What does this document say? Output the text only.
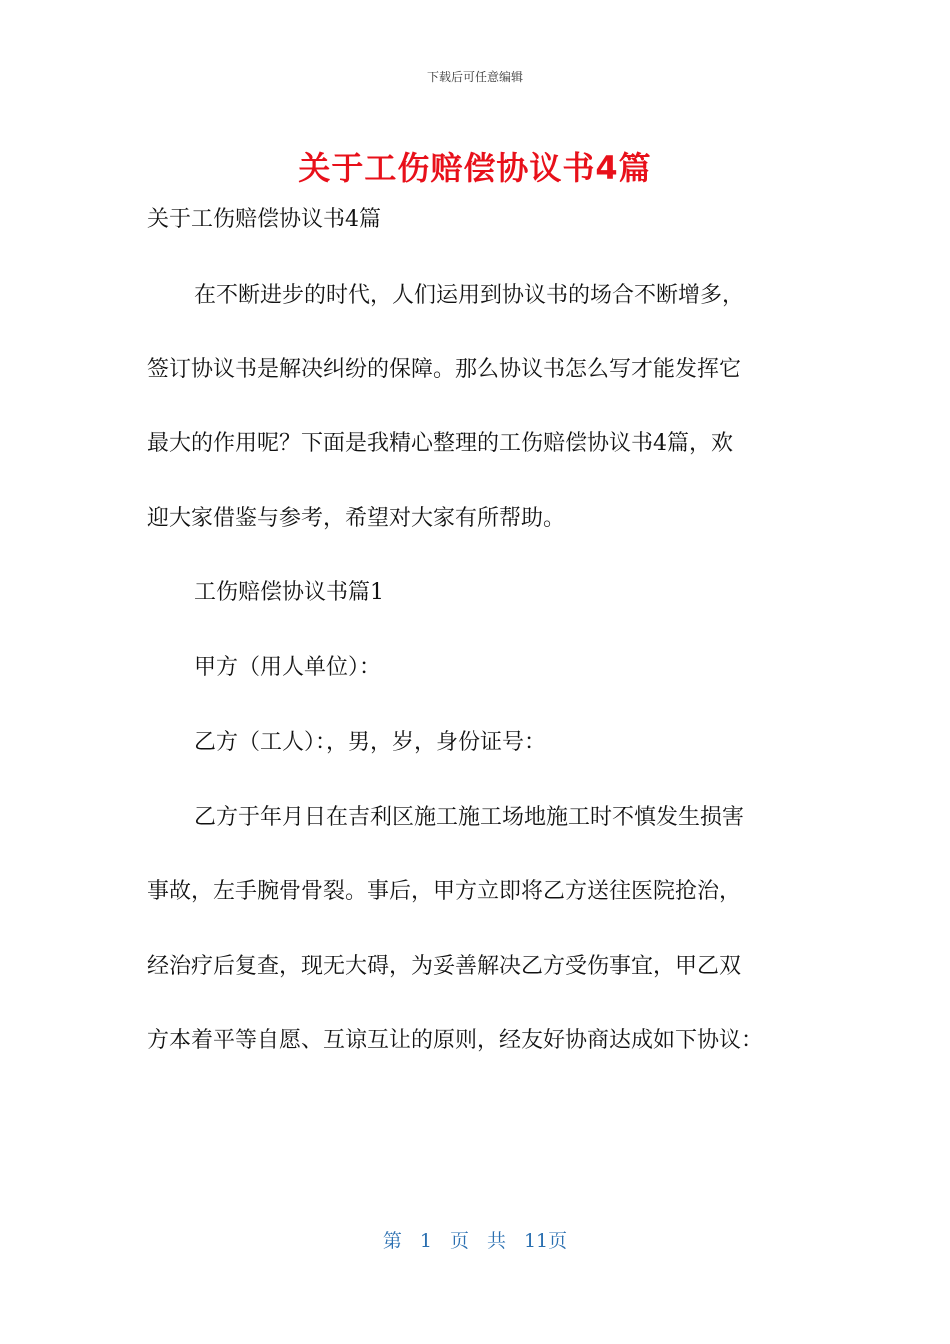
下载后可任意编辑
关于工伤赔偿协议书4篇
关于工伤赔偿协议书4篇
在不断进步的时代，人们运用到协议书的场合不断增多，
签订协议书是解决纠纷的保障。那么协议书怎么写才能发挥它
最大的作用呢？下面是我精心整理的工伤赔偿协议书4篇，欢
迎大家借鉴与参考，希望对大家有所帮助。
工伤赔偿协议书篇1
甲方（用人单位）：
乙方（工人）：，男，岁，身份证号：
乙方于年月日在吉利区施工施工场地施工时不慎发生损害
事故，左手腕骨骨裂。事后，甲方立即将乙方送往医院抢治，
经治疗后复查，现无大碍，为妥善解决乙方受伤事宜，甲乙双
方本着平等自愿、互谅互让的原则，经友好协商达成如下协议：
第 1 页 共 11页
